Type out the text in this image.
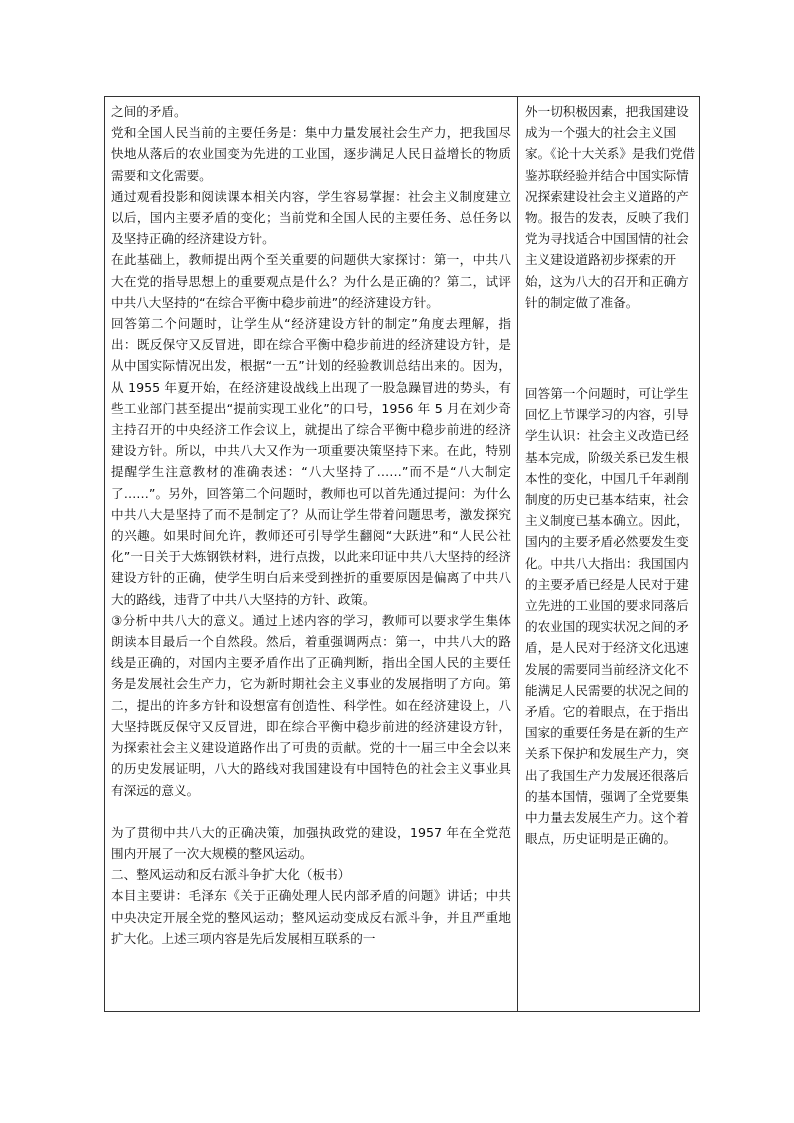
之间的矛盾。

党和全国人民当前的主要任务是：集中力量发展社会生产力，把我国尽快地从落后的农业国变为先进的工业国，逐步满足人民日益增长的物质需要和文化需要。

通过观看投影和阅读课本相关内容，学生容易掌握：社会主义制度建立以后，国内主要矛盾的变化；当前党和全国人民的主要任务、总任务以及坚持正确的经济建设方针。

在此基础上，教师提出两个至关重要的问题供大家探讨：第一，中共八大在党的指导思想上的重要观点是什么？为什么是正确的？第二，试评中共八大坚持的“在综合平衡中稳步前进”的经济建设方针。

回答第二个问题时，让学生从“经济建设方针的制定”角度去理解，指出：既反保守又反冒进，即在综合平衡中稳步前进的经济建设方针，是从中国实际情况出发，根据“一五”计划的经验教训总结出来的。因为，从 1955 年夏开始，在经济建设战线上出现了一股急躁冒进的势头，有些工业部门甚至提出“提前实现工业化”的口号，1956 年 5 月在刘少奇主持召开的中央经济工作会议上，就提出了综合平衡中稳步前进的经济建设方针。所以，中共八大又作为一项重要决策坚持下来。在此，特别提醒学生注意教材的准确表述：“八大坚持了……”而不是“八大制定了……”。另外，回答第二个问题时，教师也可以首先通过提问：为什么中共八大是坚持了而不是制定了？从而让学生带着问题思考，激发探究的兴趣。如果时间允许，教师还可引导学生翻阅“大跃进”和“人民公社化”一日关于大炼钢铁材料，进行点拨，以此来印证中共八大坚持的经济建设方针的正确，使学生明白后来受到挫折的重要原因是偏离了中共八大的路线，违背了中共八大坚持的方针、政策。

③分析中共八大的意义。通过上述内容的学习，教师可以要求学生集体朗读本目最后一个自然段。然后，着重强调两点：第一，中共八大的路线是正确的，对国内主要矛盾作出了正确判断，指出全国人民的主要任务是发展社会生产力，它为新时期社会主义事业的发展指明了方向。第二，提出的许多方针和设想富有创造性、科学性。如在经济建设上，八大坚持既反保守又反冒进，即在综合平衡中稳步前进的经济建设方针，为探索社会主义建设道路作出了可贵的贡献。党的十一届三中全会以来的历史发展证明，八大的路线对我国建设有中国特色的社会主义事业具有深远的意义。

为了贯彻中共八大的正确决策，加强执政党的建设，1957 年在全党范围内开展了一次大规模的整风运动。

二、整风运动和反右派斗争扩大化（板书）

本目主要讲：毛泽东《关于正确处理人民内部矛盾的问题》讲话；中共中央决定开展全党的整风运动；整风运动变成反右派斗争，并且严重地扩大化。上述三项内容是先后发展相互联系的一

外一切积极因素，把我国建设成为一个强大的社会主义国家。《论十大关系》是我们党借鉴苏联经验并结合中国实际情况探索建设社会主义道路的产物。报告的发表，反映了我们党为寻找适合中国国情的社会主义建设道路初步探索的开始，这为八大的召开和正确方针的制定做了准备。

回答第一个问题时，可让学生回忆上节课学习的内容，引导学生认识：社会主义改造已经基本完成，阶级关系已发生根本性的变化，中国几千年剥削制度的历史已基本结束，社会主义制度已基本确立。因此，国内的主要矛盾必然要发生变化。中共八大指出：我国国内的主要矛盾已经是人民对于建立先进的工业国的要求同落后的农业国的现实状况之间的矛盾，是人民对于经济文化迅速发展的需要同当前经济文化不能满足人民需要的状况之间的矛盾。它的着眼点，在于指出国家的重要任务是在新的生产关系下保护和发展生产力，突出了我国生产力发展还很落后的基本国情，强调了全党要集中力量去发展生产力。这个着眼点，历史证明是正确的。
